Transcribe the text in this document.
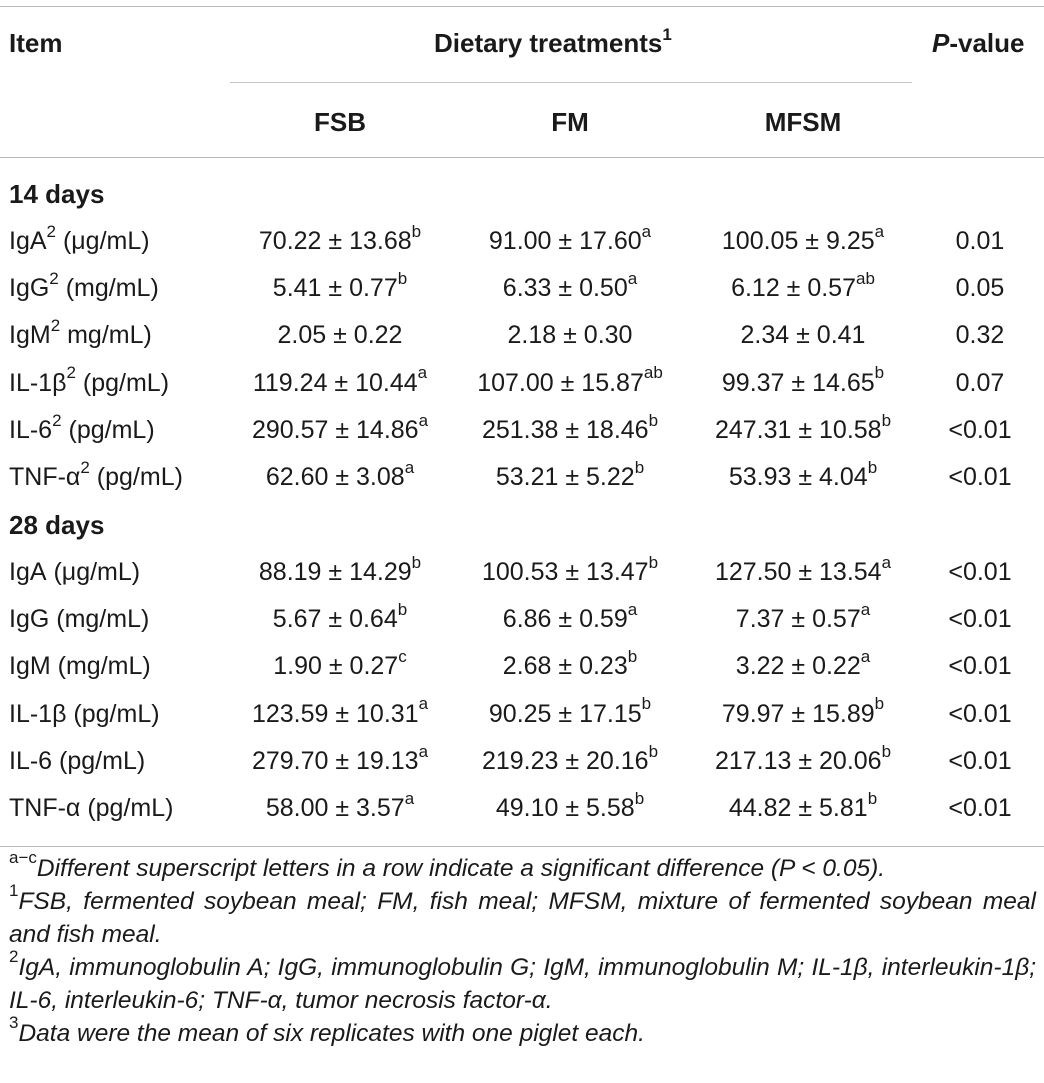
Item	Dietary treatments$^1$	P-value
FSB	FM	MFSM
14 days
IgA$^2$ (μg/mL)	70.22 ± 13.68$^b$	91.00 ± 17.60$^a$	100.05 ± 9.25$^a$	0.01
IgG$^2$ (mg/mL)	5.41 ± 0.77$^b$	6.33 ± 0.50$^a$	6.12 ± 0.57$^{ab}$	0.05
IgM$^2$ mg/mL)	2.05 ± 0.22	2.18 ± 0.30	2.34 ± 0.41	0.32
$IL-1\beta^2$ (pg/mL)	119.24 ± 10.44$^a$	107.00 ± 15.87$^{ab}$	99.37 ± 14.65$^b$	0.07
$IL-6^2$ (pg/mL)	290.57 ± 14.86$^a$	251.38 ± 18.46$^b$	247.31 ± 10.58$^b$	<0.01
TNF-$\alpha^2$ (pg/mL)	62.60 ± 3.08$^a$	53.21 ± 5.22$^b$	53.93 ± 4.04$^b$	<0.01
28 days
IgA (μg/mL)	88.19 ± 14.29$^b$	100.53 ± 13.47$^b$	127.50 ± 13.54$^a$	<0.01
IgG (mg/mL)	5.67 ± 0.64$^b$	6.86 ± 0.59$^a$	7.37 ± 0.57$^a$	<0.01
IgM (mg/mL)	1.90 ± 0.27$^c$	2.68 ± 0.23$^b$	3.22 ± 0.22$^a$	<0.01
IL-1β (pg/mL)	123.59 ± 10.31$^a$	90.25 ± 17.15$^b$	79.97 ± 15.89$^b$	<0.01
IL-6 (pg/mL)	279.70 ± 19.13$^a$	219.23 ± 20.16$^b$	217.13 ± 20.06$^b$	<0.01
TNF-α (pg/mL)	58.00 ± 3.57$^a$	49.10 ± 5.58$^b$	44.82 ± 5.81$^b$	<0.01

$^{a-c}$Different superscript letters in a row indicate a significant difference (P < 0.05).

$^1$FSB, fermented soybean meal; FM, fish meal; MFSM, mixture of fermented soybean meal and fish meal.

$^2$IgA, immunoglobulin A; IgG, immunoglobulin G; IgM, immunoglobulin M; IL-1β, interleukin-1β; IL-6, interleukin-6; TNF-α, tumor necrosis factor-α.

$^3$Data were the mean of six replicates with one piglet each.
